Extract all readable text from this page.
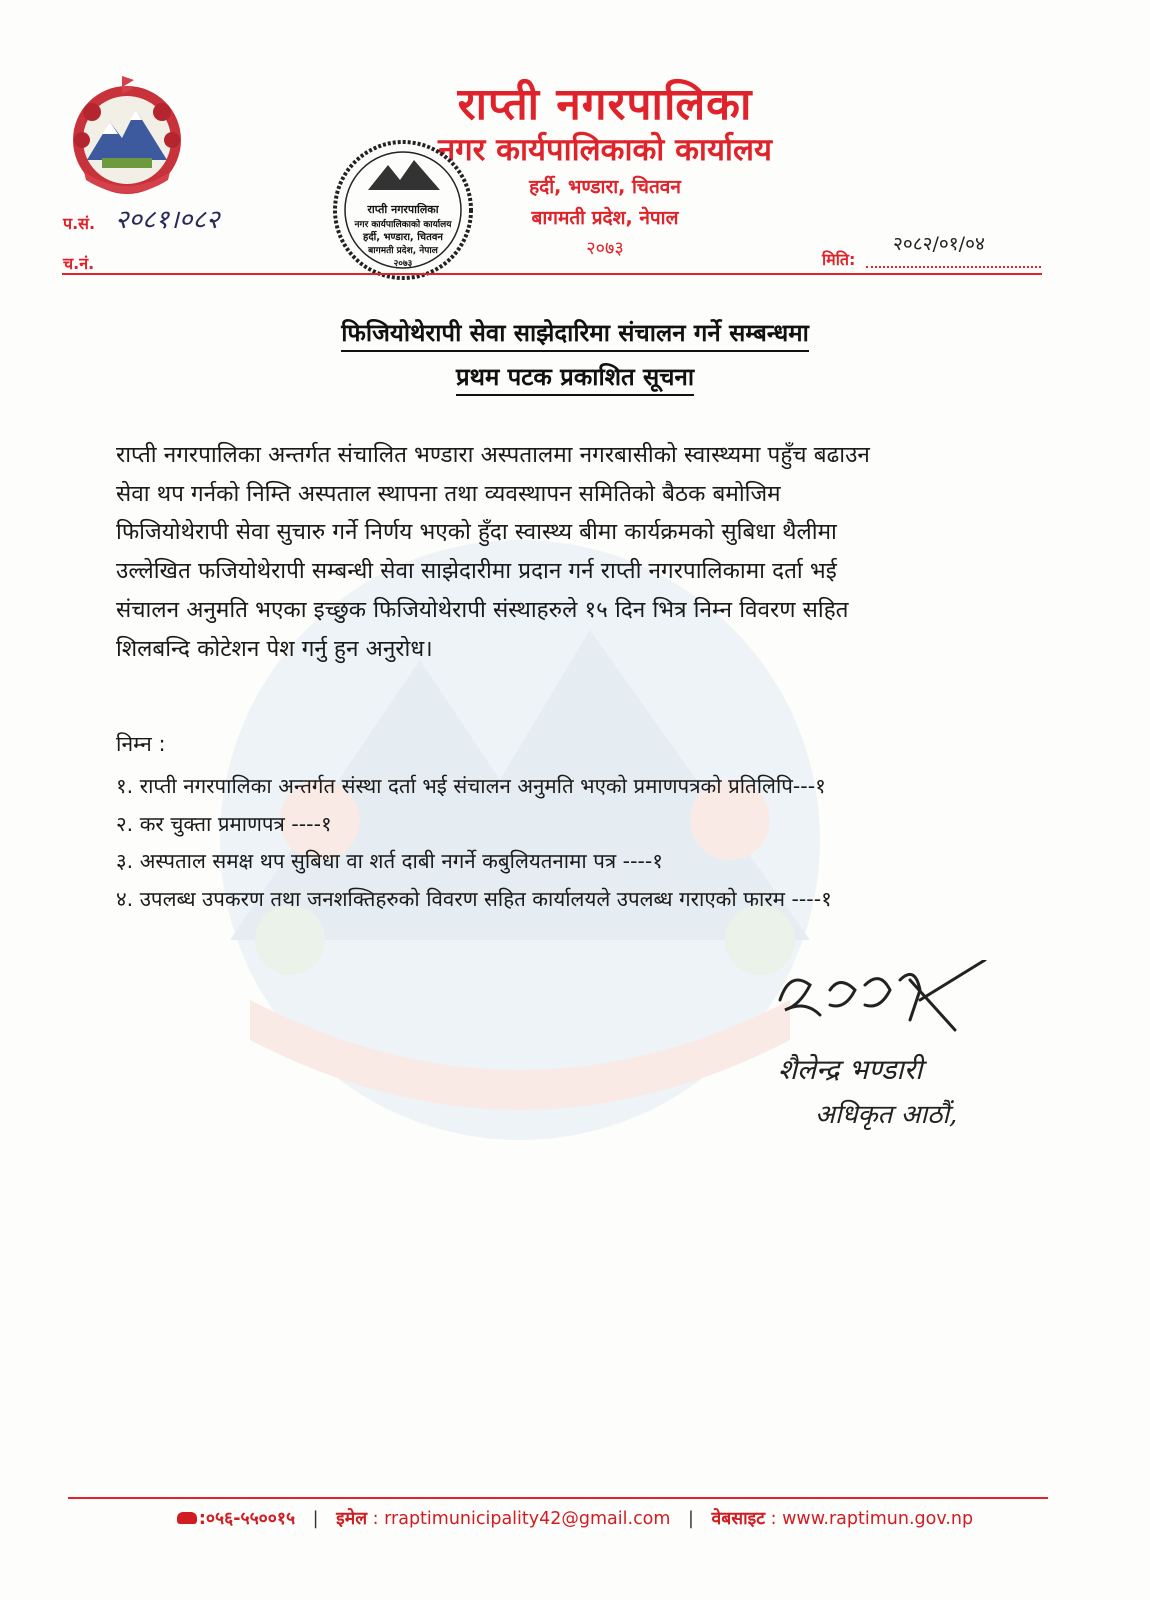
राप्ती नगरपालिका
नगर कार्यपालिकाको कार्यालय
हर्दी, भण्डारा, चितवन
बागमती प्रदेश, नेपाल
२०७३
राप्ती नगरपालिका
नगर कार्यपालिकाको कार्यालय
हर्दी, भण्डारा, चितवन
बागमती प्रदेश, नेपाल
२०७३
प.सं. २०८१।०८२
च.नं.	मिति:
२०८२/०१/०४
फिजियोथेरापी सेवा साझेदारिमा संचालन गर्ने सम्बन्धमा
प्रथम पटक प्रकाशित सूचना
राप्ती नगरपालिका अन्तर्गत संचालित भण्डारा अस्पतालमा नगरबासीको स्वास्थ्यमा पहुँच बढाउन
सेवा थप गर्नको निम्ति अस्पताल स्थापना तथा व्यवस्थापन समितिको बैठक बमोजिम
फिजियोथेरापी सेवा सुचारु गर्ने निर्णय भएको हुँदा स्वास्थ्य बीमा कार्यक्रमको सुबिधा थैलीमा
उल्लेखित फजियोथेरापी सम्बन्धी सेवा साझेदारीमा प्रदान गर्न राप्ती नगरपालिकामा दर्ता भई
संचालन अनुमति भएका इच्छुक फिजियोथेरापी संस्थाहरुले १५ दिन भित्र निम्न विवरण सहित
शिलबन्दि कोटेशन पेश गर्नु हुन अनुरोध।
निम्न :
१. राप्ती नगरपालिका अन्तर्गत संस्था दर्ता भई संचालन अनुमति भएको प्रमाणपत्रको प्रतिलिपि---१
२. कर चुक्ता प्रमाणपत्र ----१
३. अस्पताल समक्ष थप सुबिधा वा शर्त दाबी नगर्ने कबुलियतनामा पत्र ----१
४. उपलब्ध उपकरण तथा जनशक्तिहरुको विवरण सहित कार्यालयले उपलब्ध गराएको फारम ----१
शैलेन्द्र भण्डारी
अधिकृत आठौं,
:०५६-५५००१५ | इमेल : rraptimunicipality42@gmail.com | वेबसाइट : www.raptimun.gov.np
